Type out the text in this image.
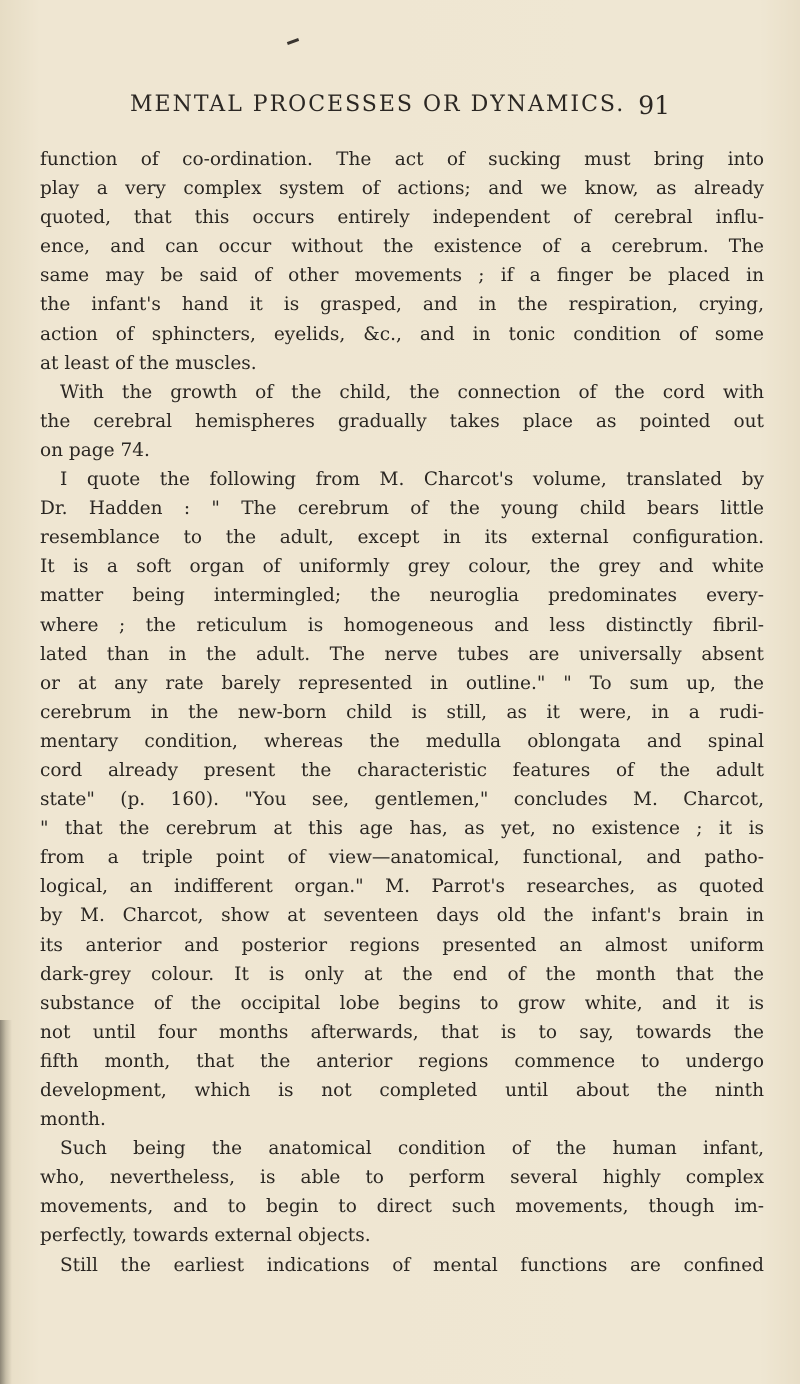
MENTAL PROCESSES OR DYNAMICS. 91
function of co-ordination. The act of sucking must bring into
play a very complex system of actions; and we know, as already
quoted, that this occurs entirely independent of cerebral influ-
ence, and can occur without the existence of a cerebrum. The
same may be said of other movements ; if a finger be placed in
the infant's hand it is grasped, and in the respiration, crying,
action of sphincters, eyelids, &c., and in tonic condition of some
at least of the muscles.
With the growth of the child, the connection of the cord with
the cerebral hemispheres gradually takes place as pointed out
on page 74.
I quote the following from M. Charcot's volume, translated by
Dr. Hadden : " The cerebrum of the young child bears little
resemblance to the adult, except in its external configuration.
It is a soft organ of uniformly grey colour, the grey and white
matter being intermingled; the neuroglia predominates every-
where ; the reticulum is homogeneous and less distinctly fibril-
lated than in the adult. The nerve tubes are universally absent
or at any rate barely represented in outline." " To sum up, the
cerebrum in the new-born child is still, as it were, in a rudi-
mentary condition, whereas the medulla oblongata and spinal
cord already present the characteristic features of the adult
state" (p. 160). "You see, gentlemen," concludes M. Charcot,
" that the cerebrum at this age has, as yet, no existence ; it is
from a triple point of view—anatomical, functional, and patho-
logical, an indifferent organ." M. Parrot's researches, as quoted
by M. Charcot, show at seventeen days old the infant's brain in
its anterior and posterior regions presented an almost uniform
dark-grey colour. It is only at the end of the month that the
substance of the occipital lobe begins to grow white, and it is
not until four months afterwards, that is to say, towards the
fifth month, that the anterior regions commence to undergo
development, which is not completed until about the ninth
month.
Such being the anatomical condition of the human infant,
who, nevertheless, is able to perform several highly complex
movements, and to begin to direct such movements, though im-
perfectly, towards external objects.
Still the earliest indications of mental functions are confined
